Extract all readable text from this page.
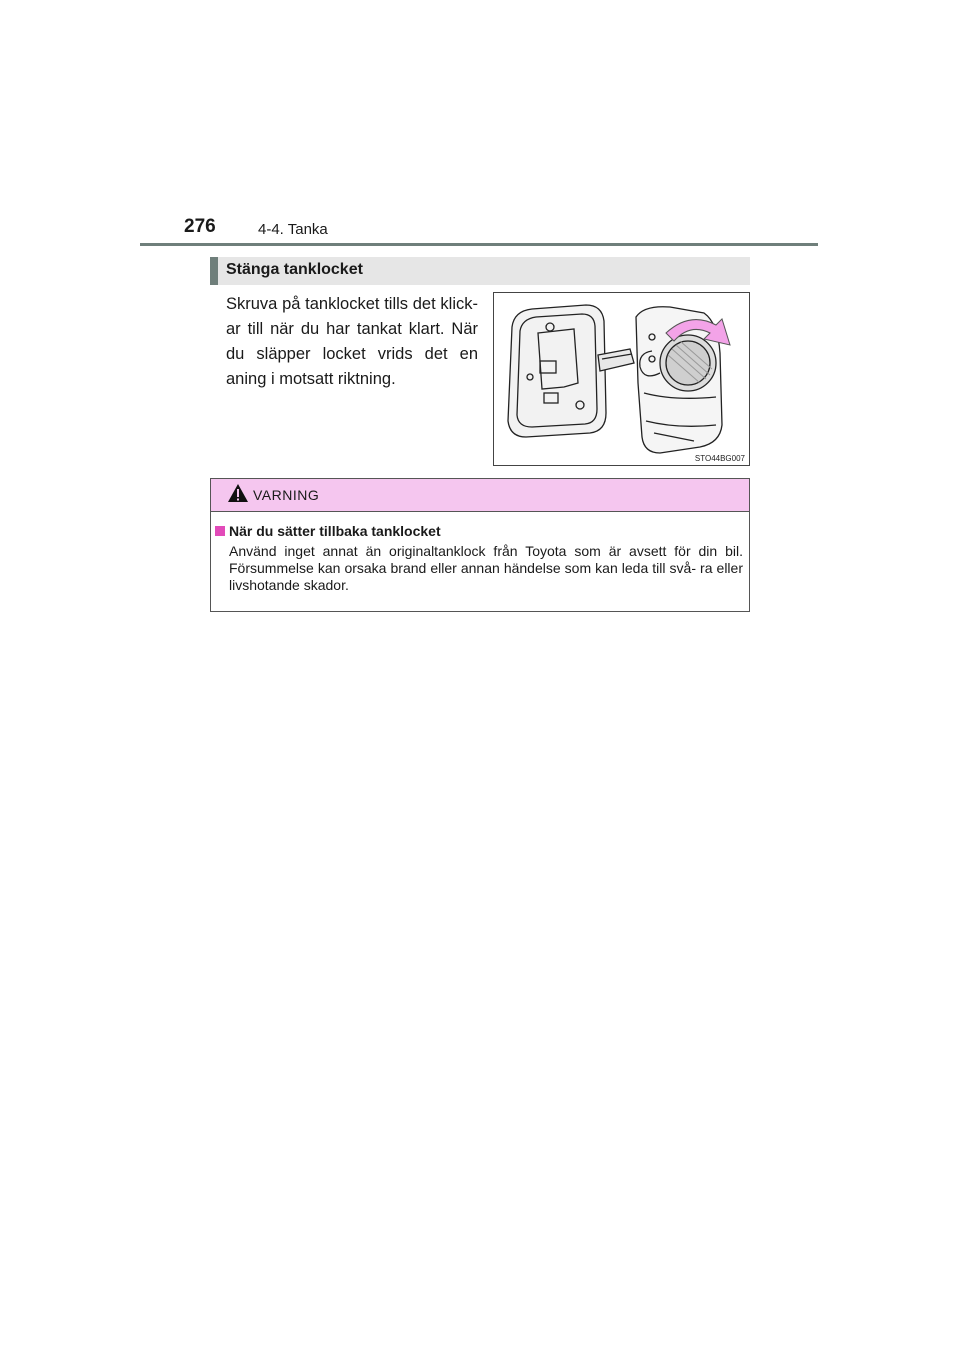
276	4-4. Tanka
Stänga tanklocket
Skruva på tanklocket tills det klick- ar till när du har tankat klart. När du släpper locket vrids det en aning i motsatt riktning.
STO44BG007
VARNING
När du sätter tillbaka tanklocket
Använd inget annat än originaltanklock från Toyota som är avsett för din bil. Försummelse kan orsaka brand eller annan händelse som kan leda till svå- ra eller livshotande skador.
